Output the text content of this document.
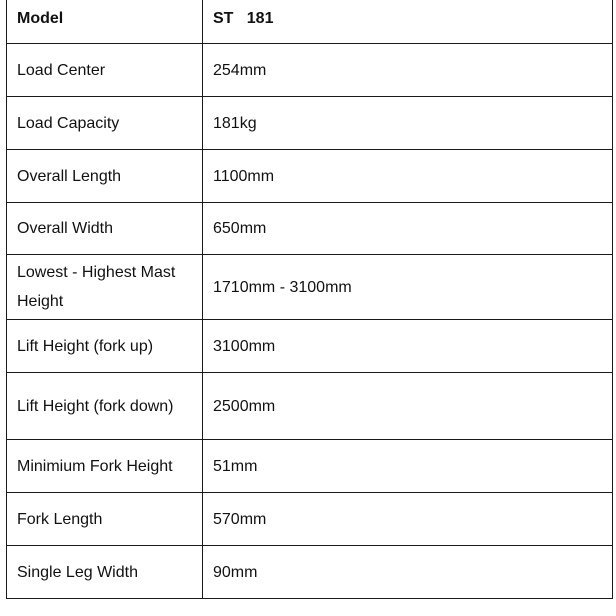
Model	ST   181
Load Center	254mm
Load Capacity	181kg
Overall Length	1100mm
Overall Width	650mm
Lowest - Highest Mast Height	1710mm - 3100mm
Lift Height (fork up)	3100mm
Lift Height (fork down)	2500mm
Minimium Fork Height	51mm
Fork Length	570mm
Single Leg Width	90mm
